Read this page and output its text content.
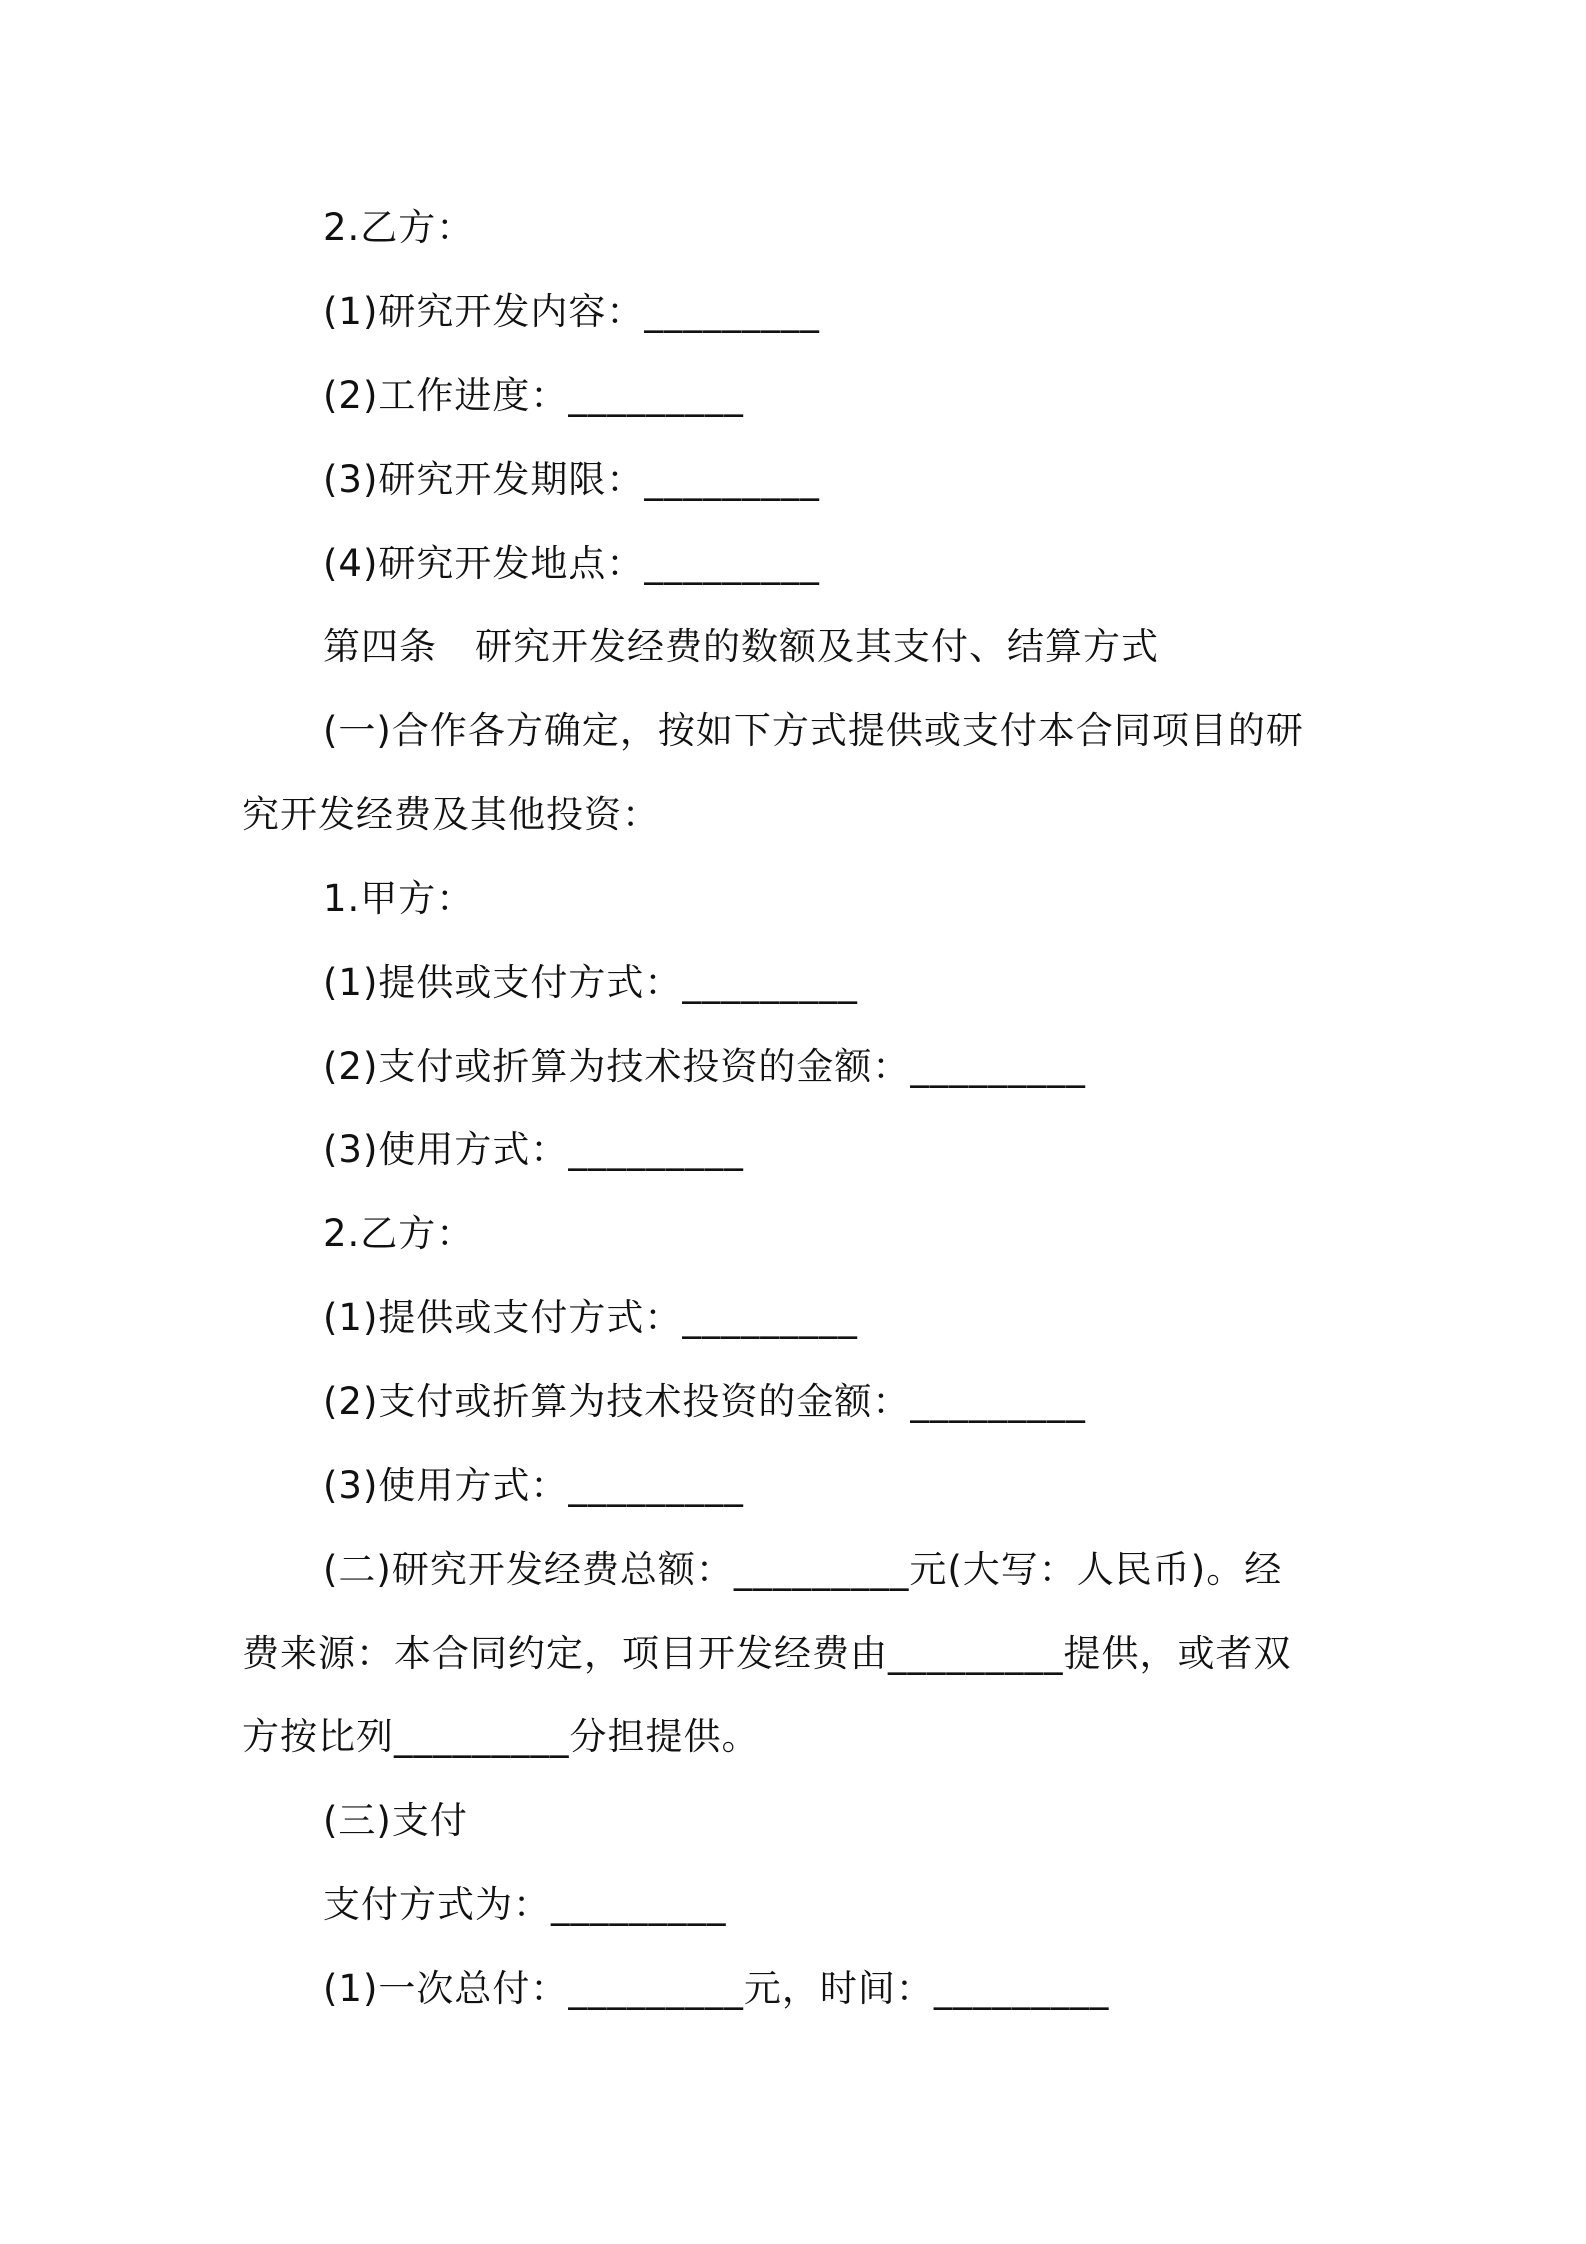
2.乙方：
(1)研究开发内容：_________
(2)工作进度：_________
(3)研究开发期限：_________
(4)研究开发地点：_________
第四条　研究开发经费的数额及其支付、结算方式
(一)合作各方确定，按如下方式提供或支付本合同项目的研
究开发经费及其他投资：
1.甲方：
(1)提供或支付方式：_________
(2)支付或折算为技术投资的金额：_________
(3)使用方式：_________
2.乙方：
(1)提供或支付方式：_________
(2)支付或折算为技术投资的金额：_________
(3)使用方式：_________
(二)研究开发经费总额：_________元(大写：人民币)。经
费来源：本合同约定，项目开发经费由_________提供，或者双
方按比列_________分担提供。
(三)支付
支付方式为：_________
(1)一次总付：_________元，时间：_________
